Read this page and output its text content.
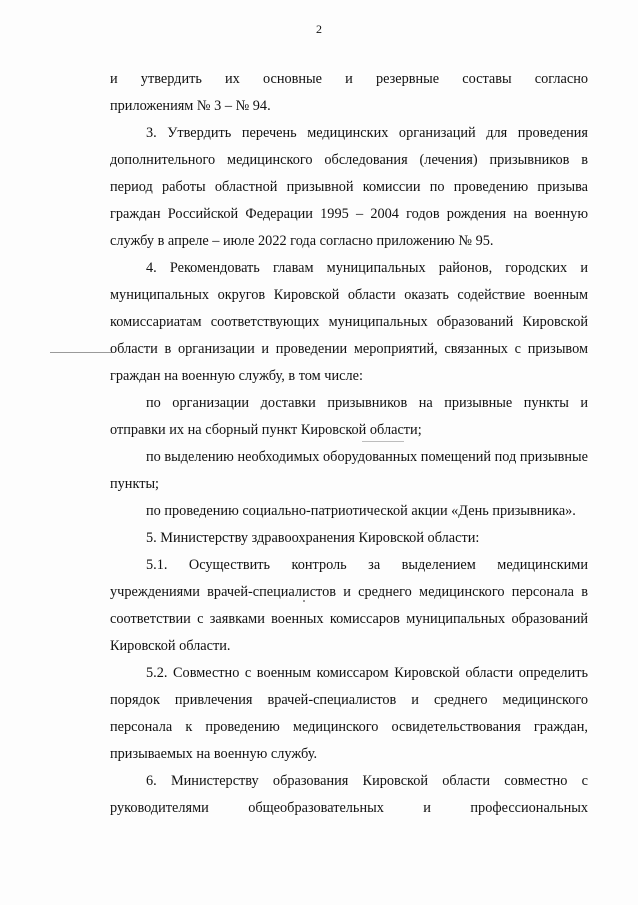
2

и утвердить их основные и резервные составы согласно
приложениям № 3 – № 94.

3. Утвердить перечень медицинских организаций для проведения дополнительного медицинского обследования (лечения) призывников в период работы областной призывной комиссии по проведению призыва граждан Российской Федерации 1995 – 2004 годов рождения на военную службу в апреле – июле 2022 года согласно приложению № 95.

4. Рекомендовать главам муниципальных районов, городских и муниципальных округов Кировской области оказать содействие военным комиссариатам соответствующих муниципальных образований Кировской области в организации и проведении мероприятий, связанных с призывом граждан на военную службу, в том числе:

по организации доставки призывников на призывные пункты и отправки их на сборный пункт Кировской области;

по выделению необходимых оборудованных помещений под призывные пункты;

по проведению социально-патриотической акции «День призывника».

5. Министерству здравоохранения Кировской области:

5.1. Осуществить контроль за выделением медицинскими учреждениями врачей-специалистов и среднего медицинского персонала в соответствии с заявками военных комиссаров муниципальных образований Кировской области.

5.2. Совместно с военным комиссаром Кировской области определить порядок привлечения врачей-специалистов и среднего медицинского персонала к проведению медицинского освидетельствования граждан, призываемых на военную службу.

6. Министерству образования Кировской области совместно с руководителями общеобразовательных и профессиональных
